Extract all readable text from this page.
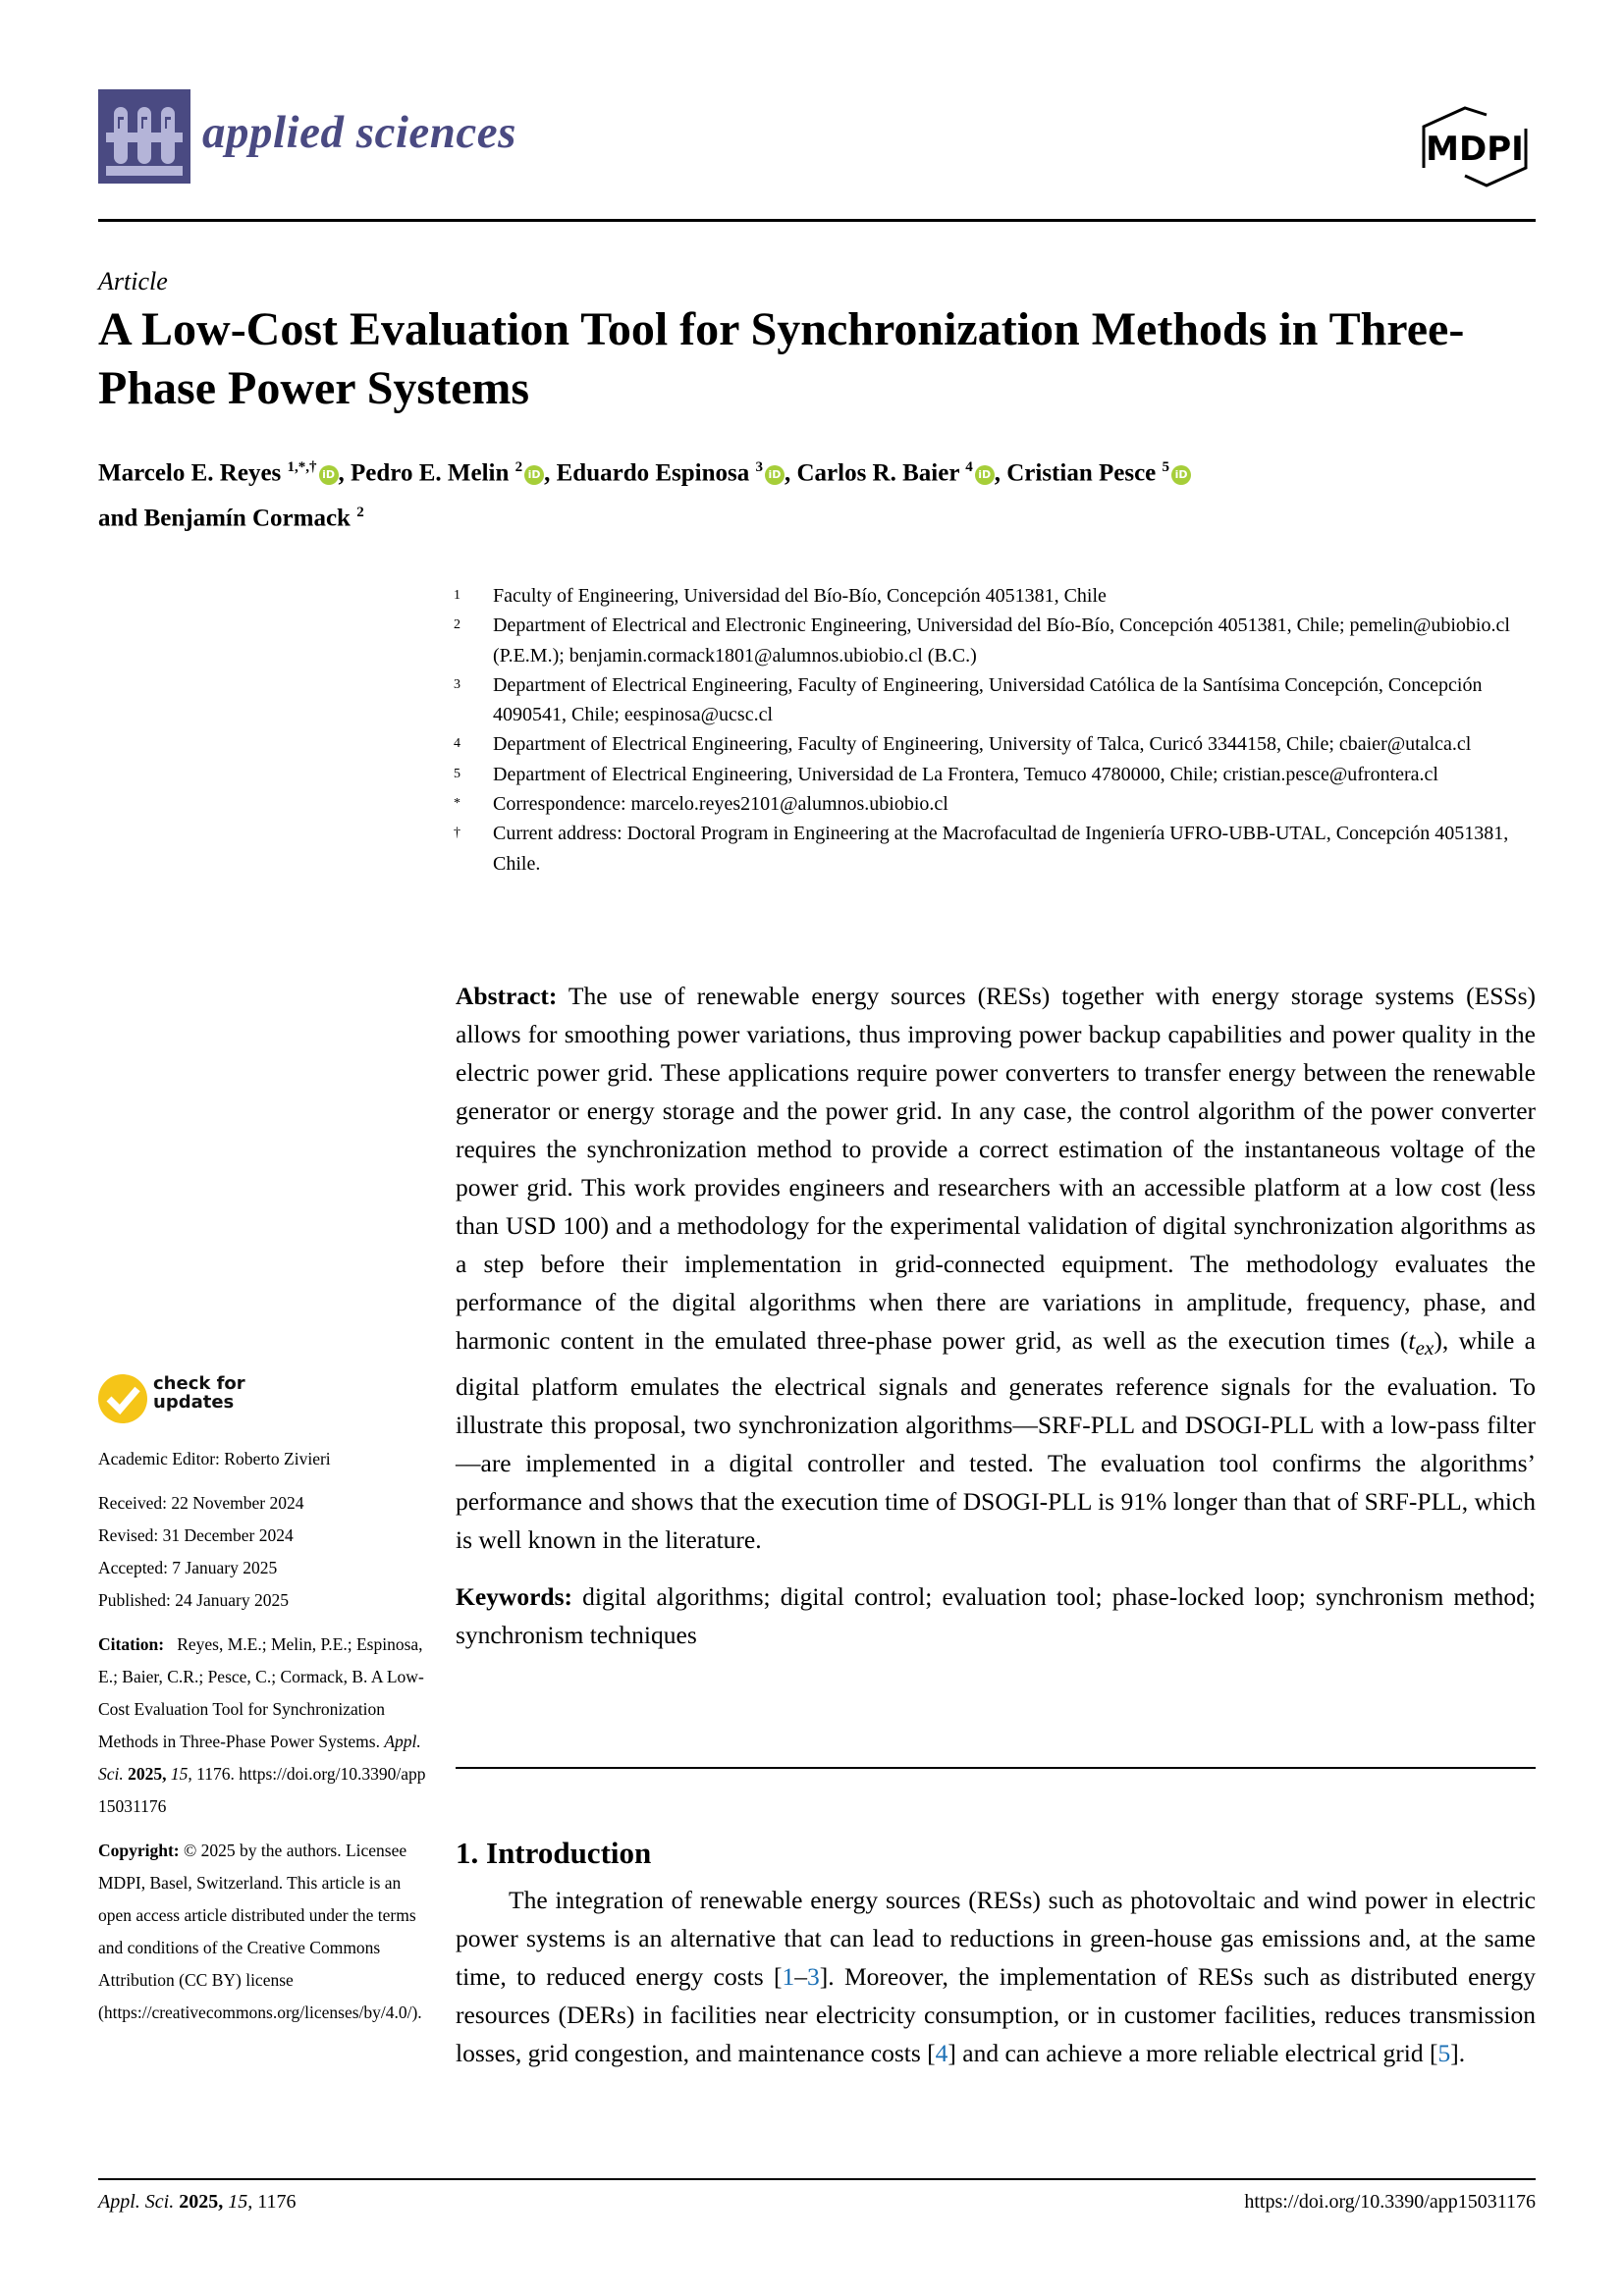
applied sciences	MDPI
Article
A Low-Cost Evaluation Tool for Synchronization Methods in Three-Phase Power Systems
Marcelo E. Reyes $^{1,*,\dagger}$ iD , Pedro E. Melin $^2$ iD , Eduardo Espinosa $^3$ iD , Carlos R. Baier $^4$ iD , Cristian Pesce $^5$ iD
and Benjamín Cormack $^2$
1	Faculty of Engineering, Universidad del Bío-Bío, Concepción 4051381, Chile
2	Department of Electrical and Electronic Engineering, Universidad del Bío-Bío, Concepción 4051381, Chile; pemelin@ubiobio.cl (P.E.M.); benjamin.cormack1801@alumnos.ubiobio.cl (B.C.)
3	Department of Electrical Engineering, Faculty of Engineering, Universidad Católica de la Santísima Concepción, Concepción 4090541, Chile; eespinosa@ucsc.cl
4	Department of Electrical Engineering, Faculty of Engineering, University of Talca, Curicó 3344158, Chile; cbaier@utalca.cl
5	Department of Electrical Engineering, Universidad de La Frontera, Temuco 4780000, Chile; cristian.pesce@ufrontera.cl
*	Correspondence: marcelo.reyes2101@alumnos.ubiobio.cl
†	Current address: Doctoral Program in Engineering at the Macrofacultad de Ingeniería UFRO-UBB-UTAL, Concepción 4051381, Chile.
check for
updates
Academic Editor: Roberto Zivieri
Received: 22 November 2024
Revised: 31 December 2024
Accepted: 7 January 2025
Published: 24 January 2025
Citation: Reyes, M.E.; Melin, P.E.; Espinosa, E.; Baier, C.R.; Pesce, C.; Cormack, B. A Low-Cost Evaluation Tool for Synchronization Methods in Three-Phase Power Systems. Appl. Sci. 2025, 15, 1176. https://doi.org/10.3390/app15031176
Copyright: © 2025 by the authors. Licensee MDPI, Basel, Switzerland. This article is an open access article distributed under the terms and conditions of the Creative Commons Attribution (CC BY) license (https://creativecommons.org/licenses/by/4.0/).

Abstract: The use of renewable energy sources (RESs) together with energy storage systems (ESSs) allows for smoothing power variations, thus improving power backup capabilities and power quality in the electric power grid. These applications require power converters to transfer energy between the renewable generator or energy storage and the power grid. In any case, the control algorithm of the power converter requires the synchronization method to provide a correct estimation of the instantaneous voltage of the power grid. This work provides engineers and researchers with an accessible platform at a low cost (less than USD 100) and a methodology for the experimental validation of digital synchronization algorithms as a step before their implementation in grid-connected equipment. The methodology evaluates the performance of the digital algorithms when there are variations in amplitude, frequency, phase, and harmonic content in the emulated three-phase power grid, as well as the execution times $(t_{ex})$, while a digital platform emulates the electrical signals and generates reference signals for the evaluation. To illustrate this proposal, two synchronization algorithms—SRF-PLL and DSOGI-PLL with a low-pass filter—are implemented in a digital controller and tested. The evaluation tool confirms the algorithms’ performance and shows that the execution time of DSOGI-PLL is 91% longer than that of SRF-PLL, which is well known in the literature.

Keywords: digital algorithms; digital control; evaluation tool; phase-locked loop; synchronism method; synchronism techniques

1. Introduction

The integration of renewable energy sources (RESs) such as photovoltaic and wind power in electric power systems is an alternative that can lead to reductions in green-house gas emissions and, at the same time, to reduced energy costs [1–3]. Moreover, the implementation of RESs such as distributed energy resources (DERs) in facilities near electricity consumption, or in customer facilities, reduces transmission losses, grid congestion, and maintenance costs [4] and can achieve a more reliable electrical grid [5].

Appl. Sci. 2025, 15, 1176	https://doi.org/10.3390/app15031176
